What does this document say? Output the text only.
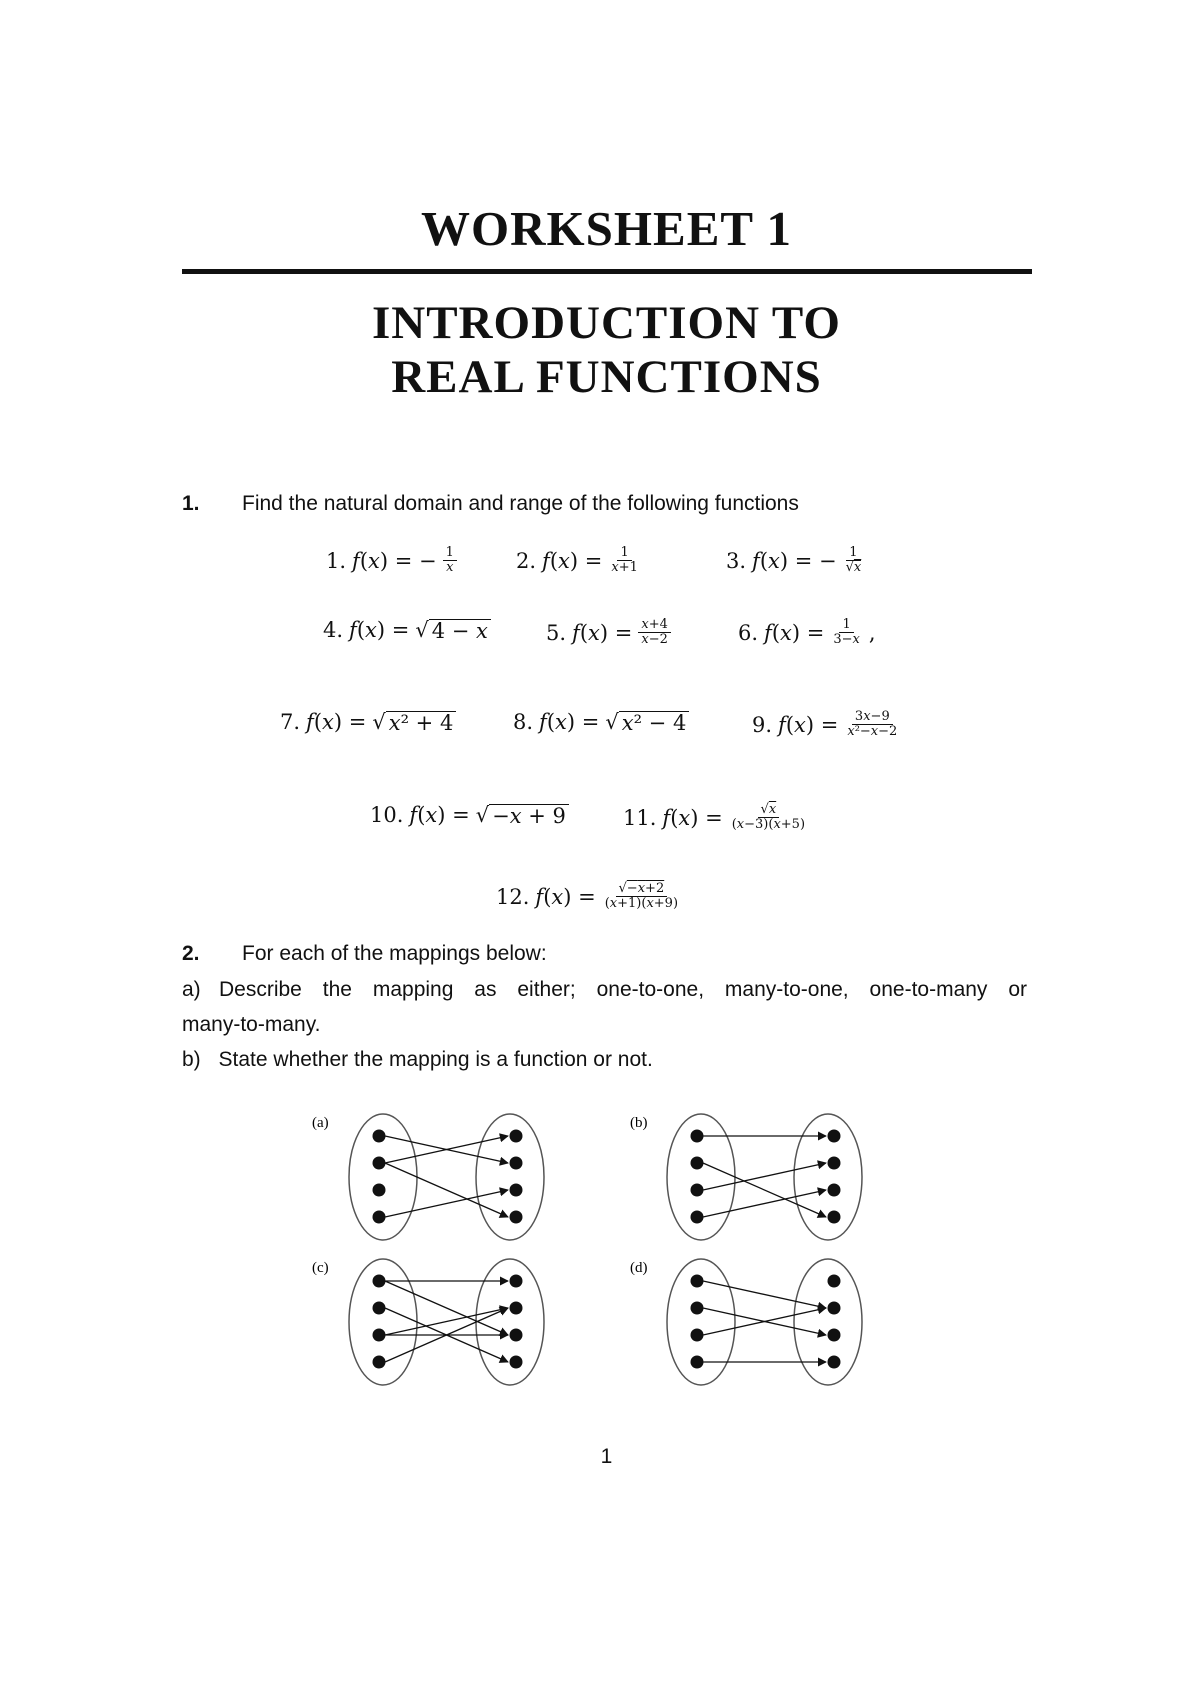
WORKSHEET 1
INTRODUCTION TO
REAL FUNCTIONS
1. Find the natural domain and range of the following functions
1. f(x) = − $\frac{1}{x}$	2. $f(x) = \frac{1}{x+1}$	3. f(x) = − $\frac{1}{√x}$
4. f(x) = √ 4 − x	5. $f(x) = \frac{x+4}{x-2}$	6. $f(x) = \frac{1}{3-x}$ ,
7. f(x) = √ x² + 4	8. f(x) = √ x² − 4	9. $f(x) = \frac{3x-9}{\text{x²−x−2}}$
10. f(x) = √ −x + 9	11. $f(x) = \frac{√x}{(x-3)(x+5)}$
12. $f(x) = \frac{√-x+2}{(x+1)(x+9)}$
2. For each of the mappings below:
a) Describe the mapping as either; one-to-one, many-to-one, one-to-many or
many-to-many.
b) State whether the mapping is a function or not.
(a)	(b)
(c)	(d)
1
